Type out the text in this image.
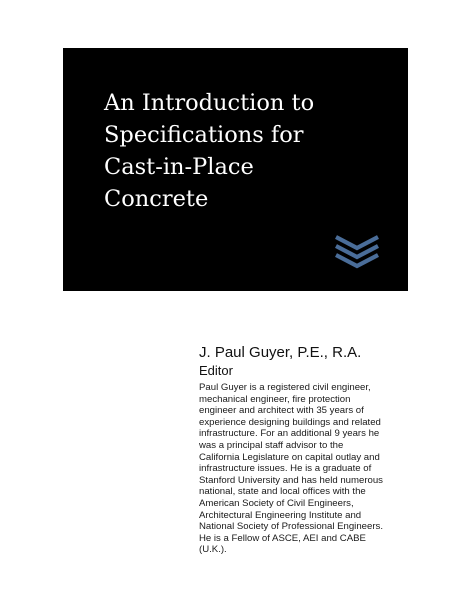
An Introduction to
Specifications for
Cast-in-Place
Concrete
J. Paul Guyer, P.E., R.A.
Editor
Paul Guyer is a registered civil engineer,
mechanical engineer, fire protection
engineer and architect with 35 years of
experience designing buildings and related
infrastructure. For an additional 9 years he
was a principal staff advisor to the
California Legislature on capital outlay and
infrastructure issues. He is a graduate of
Stanford University and has held numerous
national, state and local offices with the
American Society of Civil Engineers,
Architectural Engineering Institute and
National Society of Professional Engineers.
He is a Fellow of ASCE, AEI and CABE
(U.K.).
